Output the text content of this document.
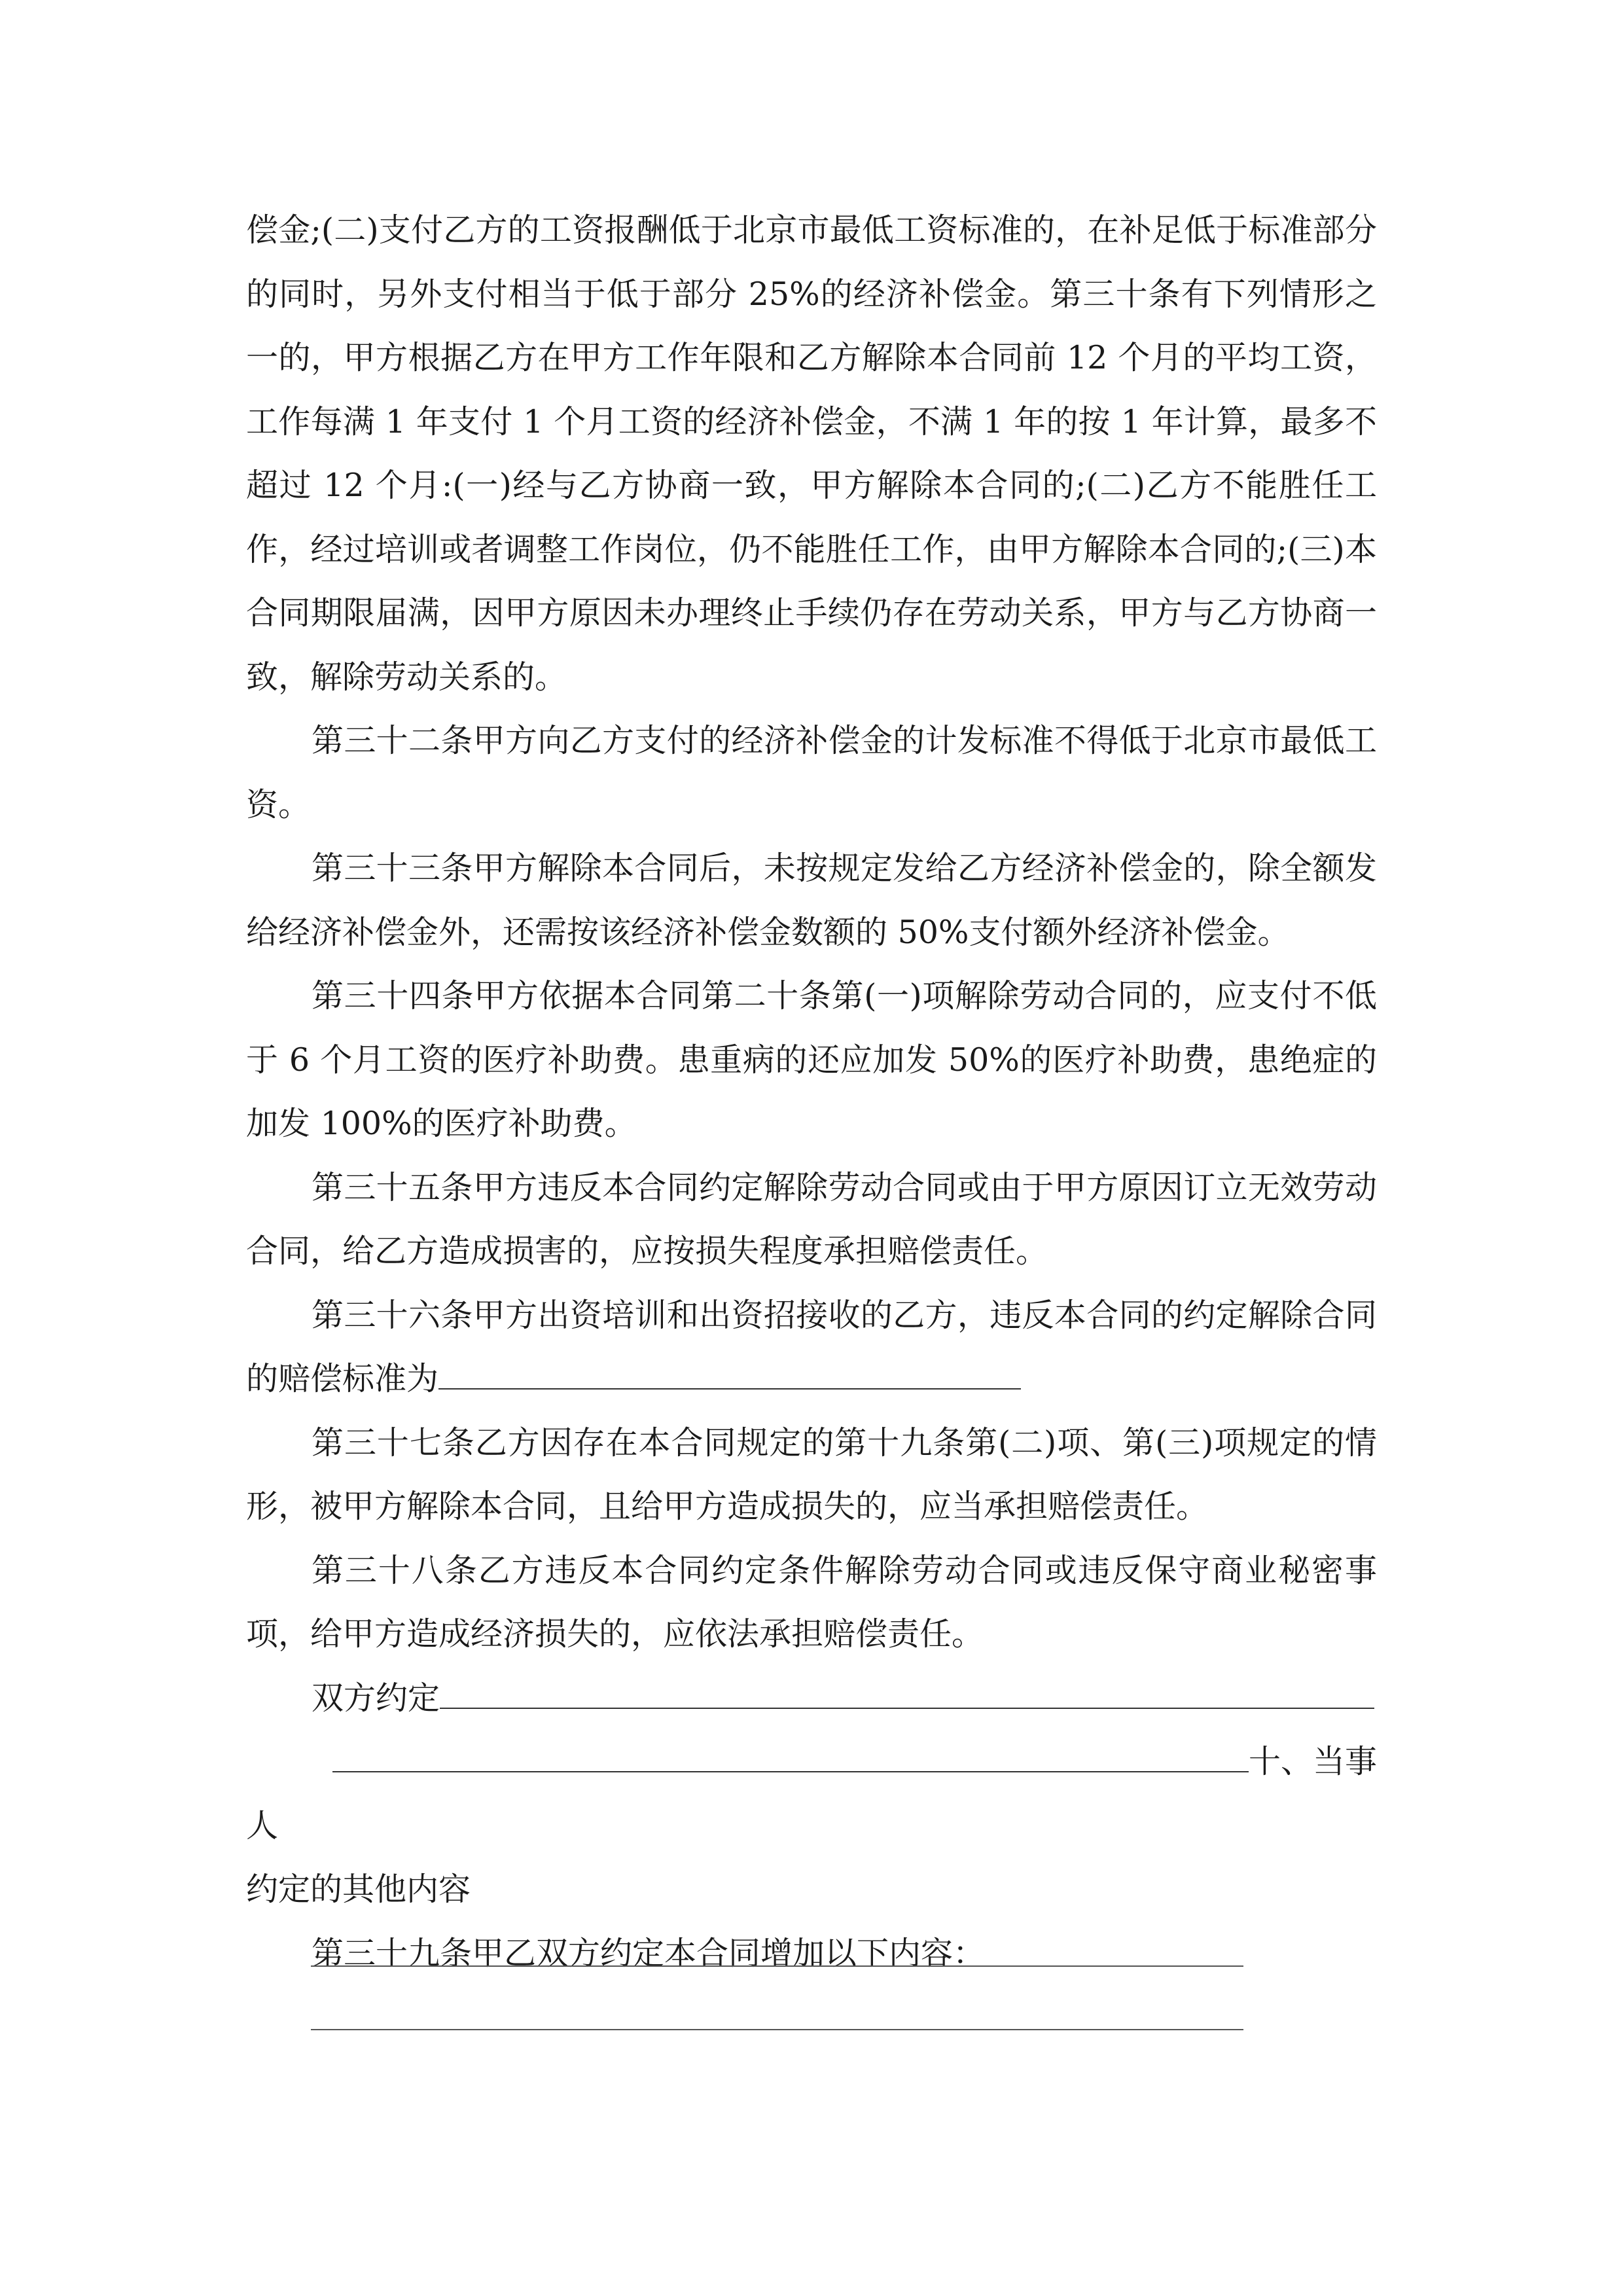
偿金;(二)支付乙方的工资报酬低于北京市最低工资标准的，在补足低于标准部分的同时，另外支付相当于低于部分 25%的经济补偿金。第三十条有下列情形之一的，甲方根据乙方在甲方工作年限和乙方解除本合同前 12 个月的平均工资，工作每满 1 年支付 1 个月工资的经济补偿金，不满 1 年的按 1 年计算，最多不超过 12 个月:(一)经与乙方协商一致，甲方解除本合同的;(二)乙方不能胜任工作，经过培训或者调整工作岗位，仍不能胜任工作，由甲方解除本合同的;(三)本合同期限届满，因甲方原因未办理终止手续仍存在劳动关系，甲方与乙方协商一致，解除劳动关系的。

第三十二条甲方向乙方支付的经济补偿金的计发标准不得低于北京市最低工资。

第三十三条甲方解除本合同后，未按规定发给乙方经济补偿金的，除全额发给经济补偿金外，还需按该经济补偿金数额的 50%支付额外经济补偿金。

第三十四条甲方依据本合同第二十条第(一)项解除劳动合同的，应支付不低于 6 个月工资的医疗补助费。患重病的还应加发 50%的医疗补助费，患绝症的加发 100%的医疗补助费。

第三十五条甲方违反本合同约定解除劳动合同或由于甲方原因订立无效劳动合同，给乙方造成损害的，应按损失程度承担赔偿责任。

第三十六条甲方出资培训和出资招接收的乙方，违反本合同的约定解除合同的赔偿标准为

第三十七条乙方因存在本合同规定的第十九条第(二)项、第(三)项规定的情形，被甲方解除本合同，且给甲方造成损失的，应当承担赔偿责任。

第三十八条乙方违反本合同约定条件解除劳动合同或违反保守商业秘密事项，给甲方造成经济损失的，应依法承担赔偿责任。

双方约定

十、当事人

约定的其他内容

第三十九条甲乙双方约定本合同增加以下内容：
